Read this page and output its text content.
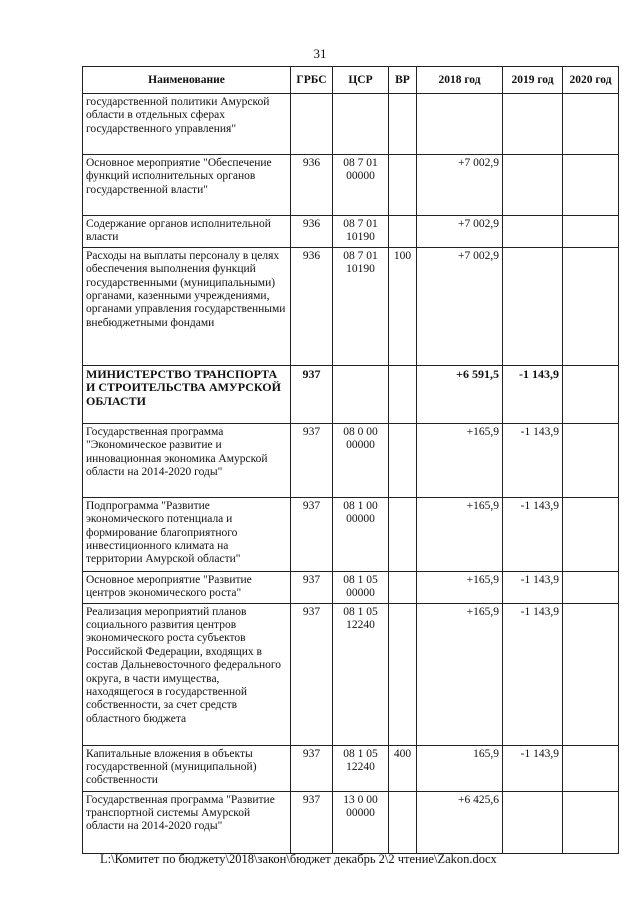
31
Наименование	ГРБС	ЦСР	ВР	2018 год	2019 год	2020 год
государственной политики Амурской области в отдельных сферах государственного управления"						
Основное мероприятие "Обеспечение функций исполнительных органов государственной власти"	936	08 7 01 00000		+7 002,9		
Содержание органов исполнительной власти	936	08 7 01 10190		+7 002,9		
Расходы на выплаты персоналу в целях обеспечения выполнения функций государственными (муниципальными) органами, казенными учреждениями, органами управления государственными внебюджетными фондами	936	08 7 01 10190	100	+7 002,9		
МИНИСТЕРСТВО ТРАНСПОРТА И СТРОИТЕЛЬСТВА АМУРСКОЙ ОБЛАСТИ	937			+6 591,5	-1 143,9	
Государственная программа "Экономическое развитие и инновационная экономика Амурской области на 2014-2020 годы"	937	08 0 00 00000		+165,9	-1 143,9	
Подпрограмма "Развитие экономического потенциала и формирование благоприятного инвестиционного климата на территории Амурской области"	937	08 1 00 00000		+165,9	-1 143,9	
Основное мероприятие "Развитие центров экономического роста"	937	08 1 05 00000		+165,9	-1 143,9	
Реализация мероприятий планов социального развития центров экономического роста субъектов Российской Федерации, входящих в состав Дальневосточного федерального округа, в части имущества, находящегося в государственной собственности, за счет средств областного бюджета	937	08 1 05 12240		+165,9	-1 143,9	
Капитальные вложения в объекты государственной (муниципальной) собственности	937	08 1 05 12240	400	165,9	-1 143,9	
Государственная программа "Развитие транспортной системы Амурской области на 2014-2020 годы"	937	13 0 00 00000		+6 425,6		
L:\Комитет по бюджету\2018\закон\бюджет декабрь 2\2 чтение\Zakon.docx
